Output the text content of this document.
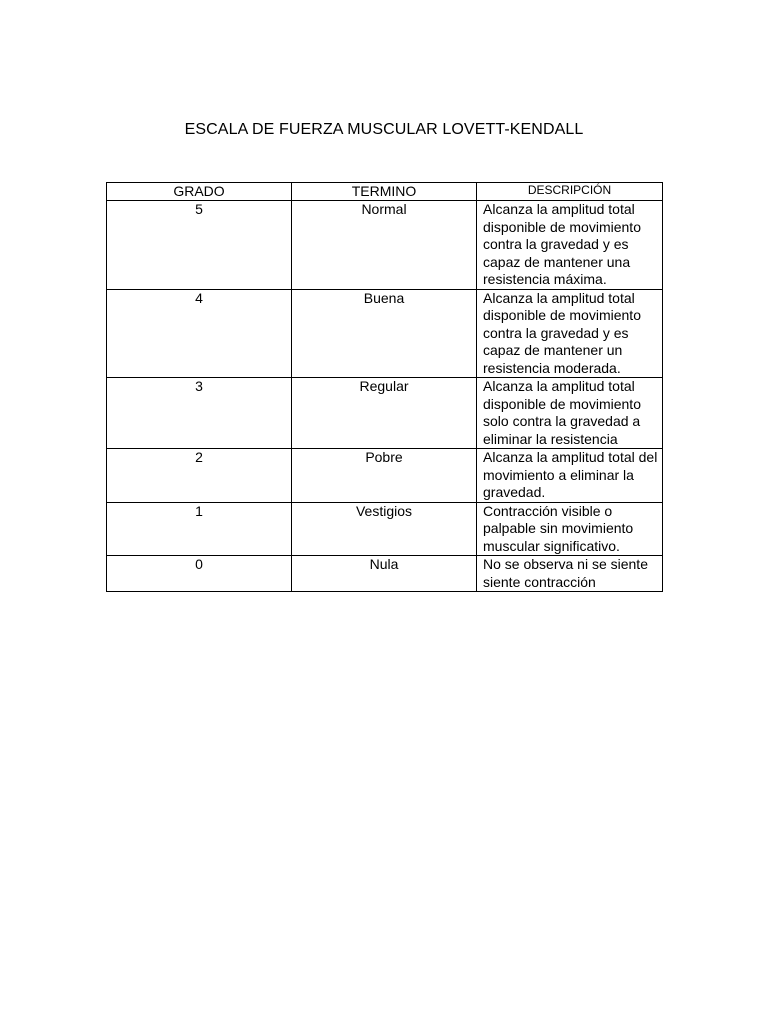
ESCALA DE FUERZA MUSCULAR LOVETT-KENDALL
GRADO	TERMINO	DESCRIPCIÓN
5	Normal	Alcanza la amplitud total disponible de movimiento contra la gravedad y es capaz de mantener una resistencia máxima.
4	Buena	Alcanza la amplitud total disponible de movimiento contra la gravedad y es capaz de mantener un resistencia moderada.
3	Regular	Alcanza la amplitud total disponible de movimiento solo contra la gravedad a eliminar la resistencia
2	Pobre	Alcanza la amplitud total del movimiento a eliminar la gravedad.
1	Vestigios	Contracción visible o palpable sin movimiento muscular significativo.
0	Nula	No se observa ni se siente siente contracción
